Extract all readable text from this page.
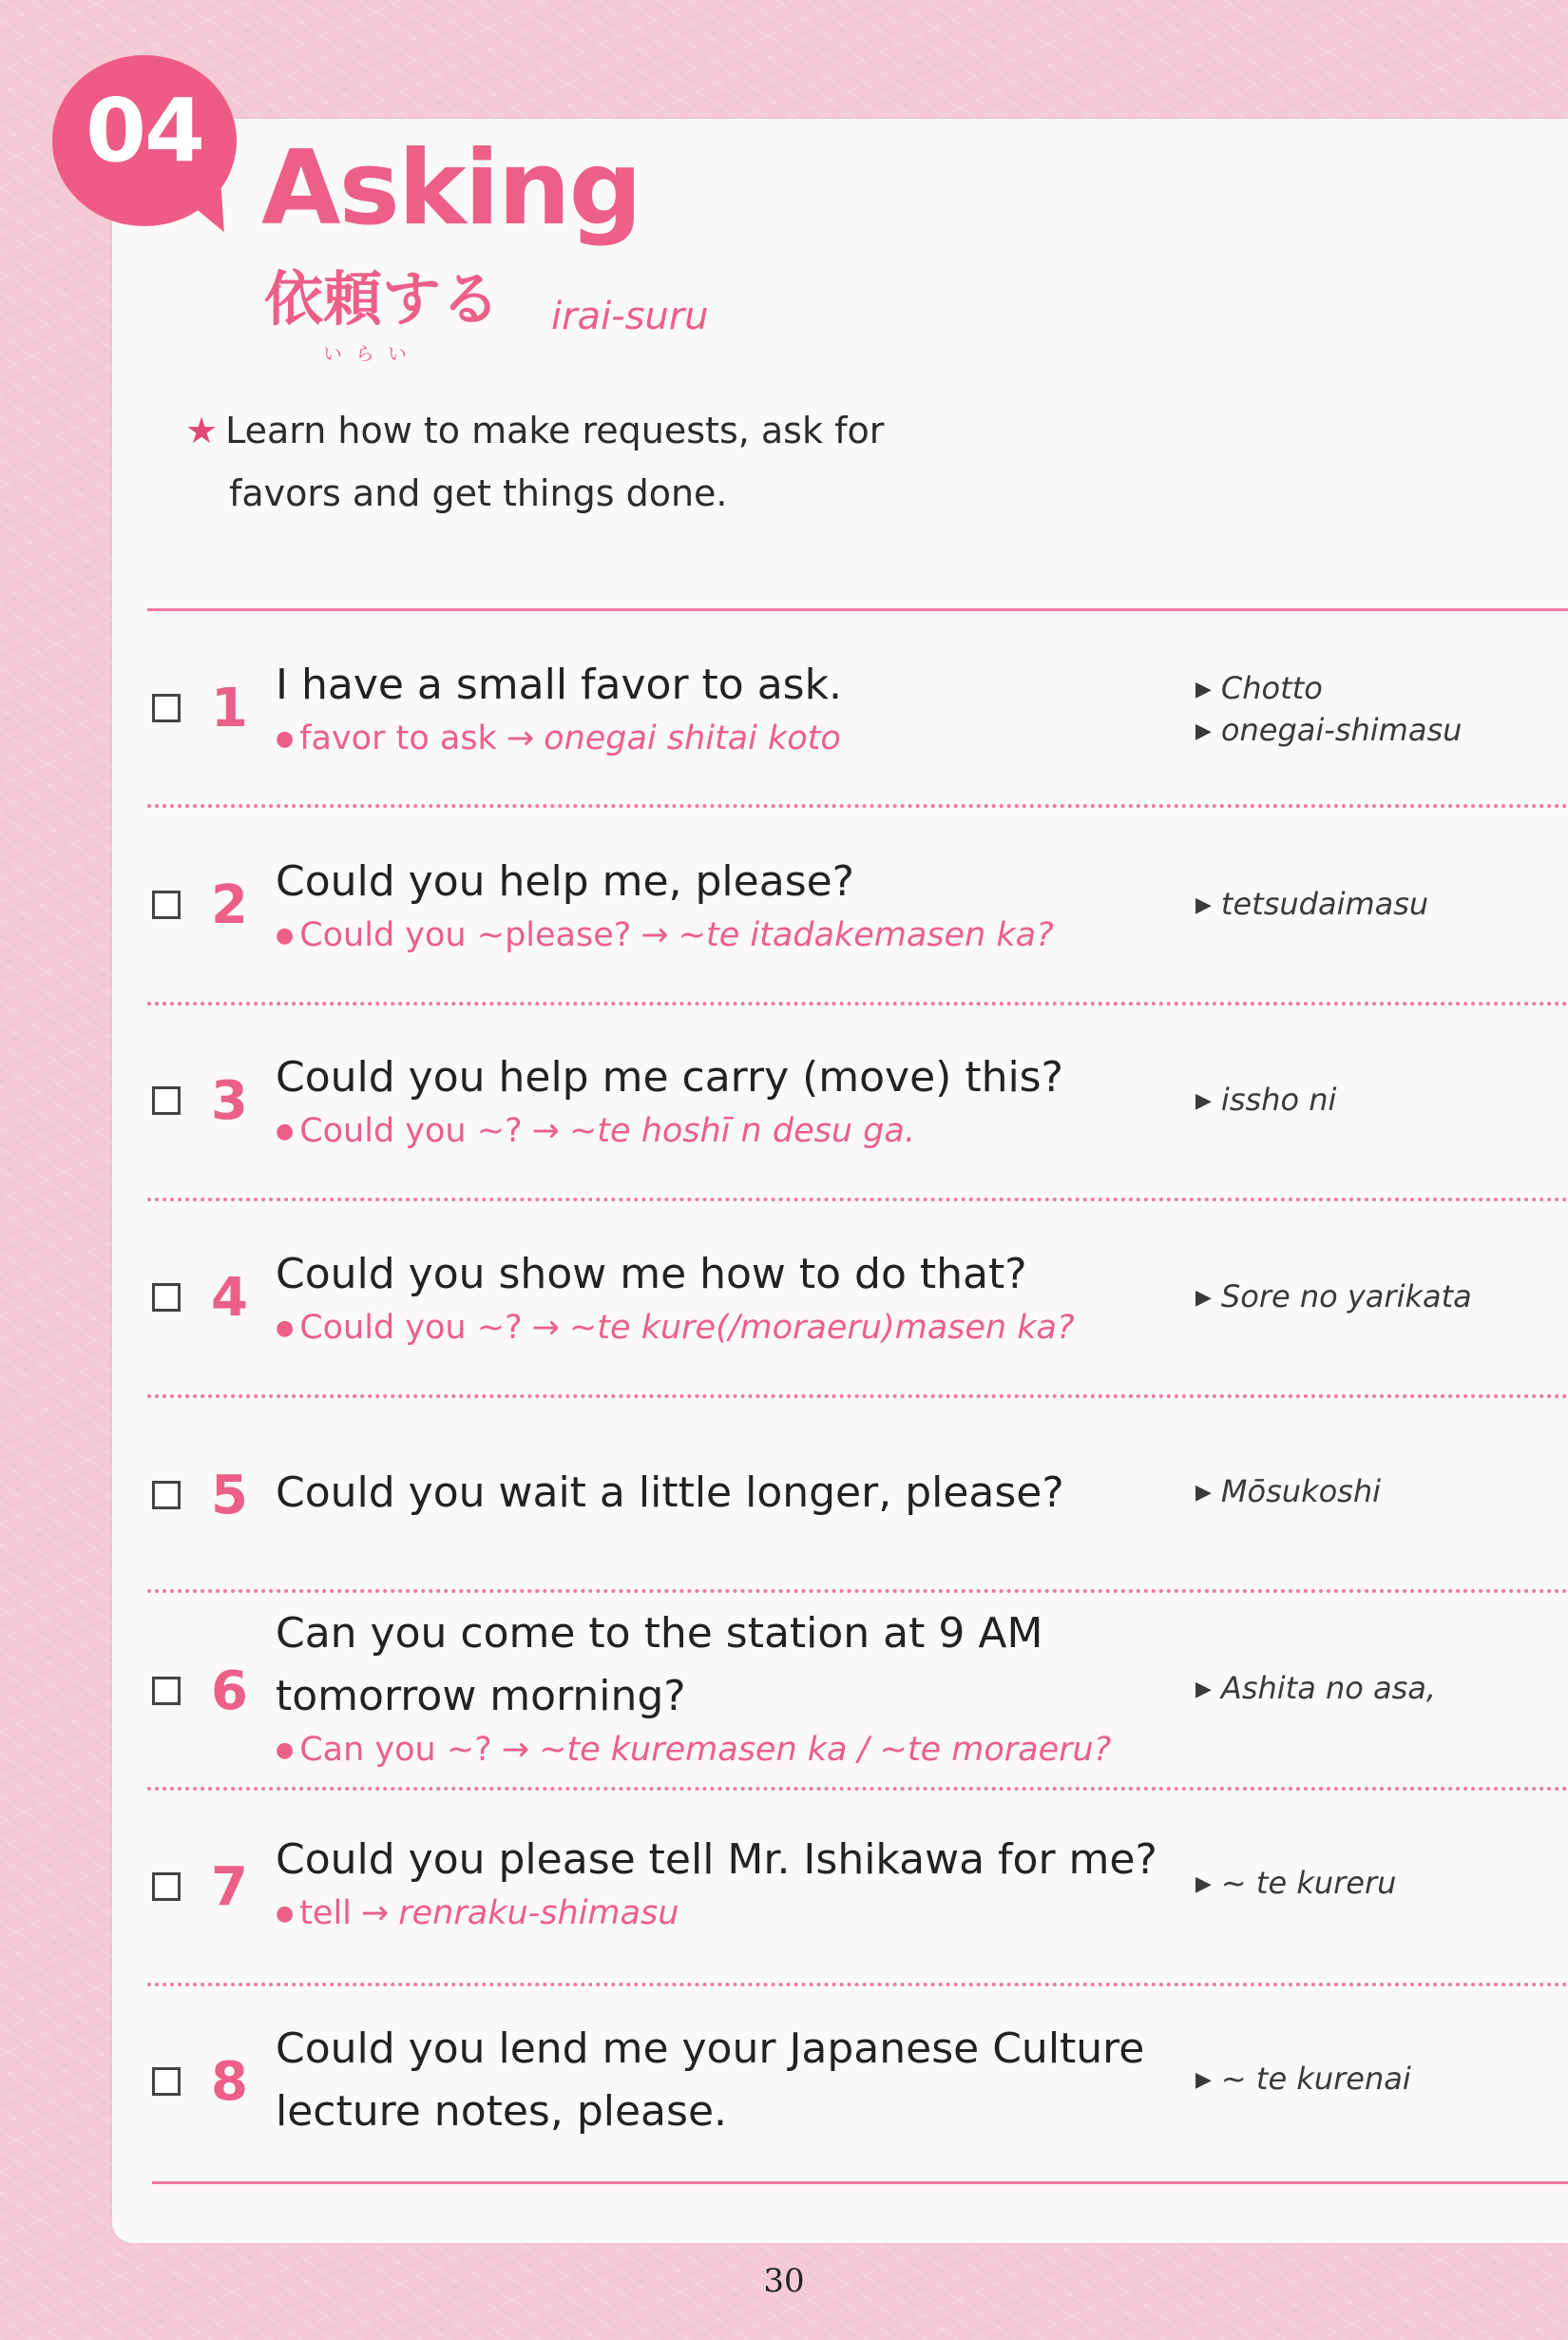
04 Asking
依頼する
いらい
irai-suru
★ Learn how to make requests, ask for
favors and get things done.
1 I have a small favor to ask.
● favor to ask → onegai shitai koto
▶ Chotto
▶ onegai-shimasu
2 Could you help me, please?
● Could you ~please? → ~te itadakemasen ka?
▶ tetsudaimasu
3 Could you help me carry (move) this?
● Could you ~? → ~te hoshī n desu ga.
▶ issho ni
4 Could you show me how to do that?
● Could you ~? → ~te kure(/moraeru)masen ka?
▶ Sore no yarikata
5 Could you wait a little longer, please?	▶ Mōsukoshi
6
Can you come to the station at 9 AM
tomorrow morning?
● Can you ~? → ~te kuremasen ka / ~te moraeru?
▶ Ashita no asa,
7 Could you please tell Mr. Ishikawa for me?
● tell → renraku-shimasu
▶ ~ te kureru
8
Could you lend me your Japanese Culture
lecture notes, please.
▶ ~ te kurenai
30
